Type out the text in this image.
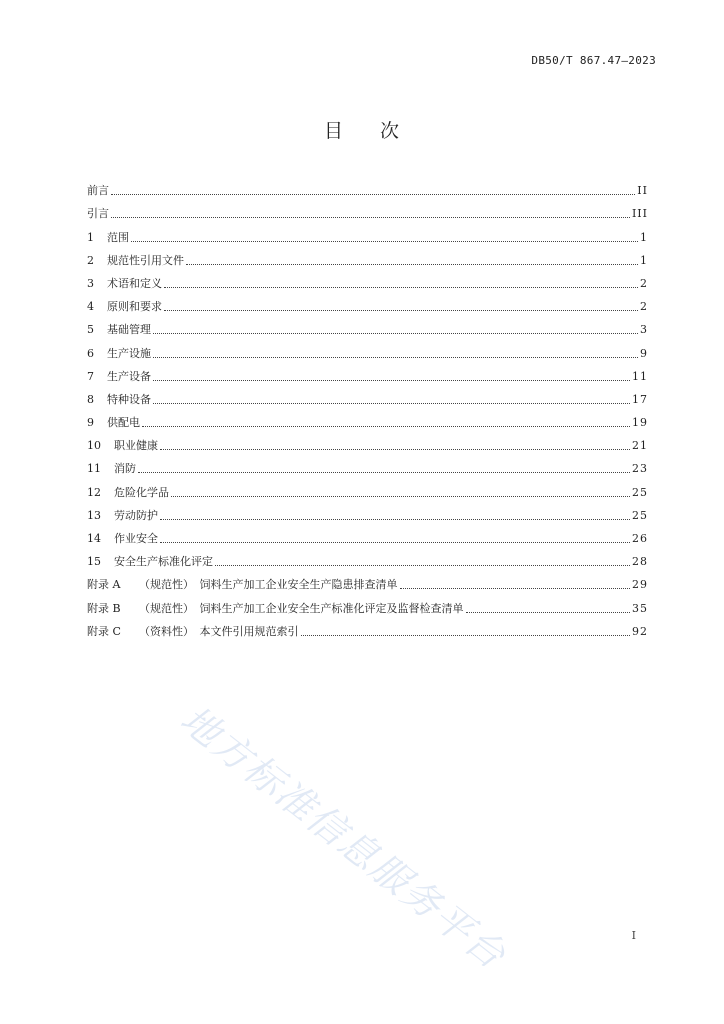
DB50/T 867.47—2023
目 次
前言	II
引言	III
1	范围	1
2	规范性引用文件	1
3	术语和定义	2
4	原则和要求	2
5	基础管理	3
6	生产设施	9
7	生产设备	11
8	特种设备	17
9	供配电	19
10	职业健康	21
11	消防	23
12	危险化学品	25
13	劳动防护	25
14	作业安全	26
15	安全生产标准化评定	28
附录 A	（规范性）　饲料生产加工企业安全生产隐患排查清单	29
附录 B	（规范性）　饲料生产加工企业安全生产标准化评定及监督检查清单	35
附录 C	（资料性）　本文件引用规范索引	92
地方标准信息服务平台	I
